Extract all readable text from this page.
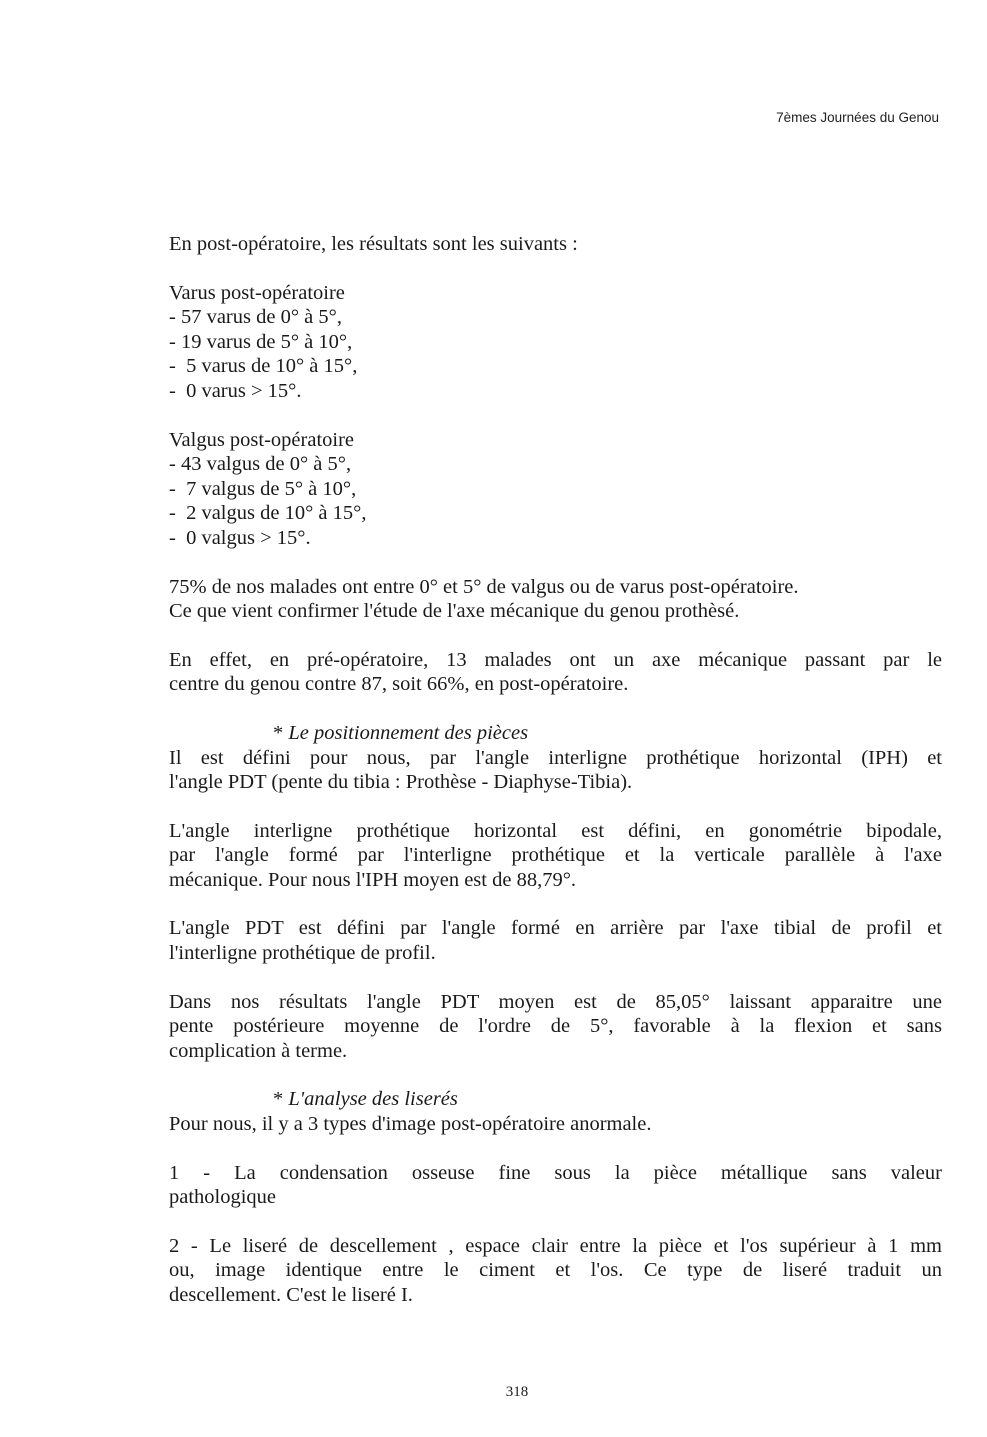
7èmes Journées du Genou
En post-opératoire, les résultats sont les suivants :
Varus post-opératoire
- 57 varus de 0° à 5°,
- 19 varus de 5° à 10°,
-  5 varus de 10° à 15°,
-  0 varus > 15°.
Valgus post-opératoire
- 43 valgus de 0° à 5°,
-  7 valgus de 5° à 10°,
-  2 valgus de 10° à 15°,
-  0 valgus > 15°.
75% de nos malades ont entre 0° et 5° de valgus ou de varus post-opératoire.
Ce que vient confirmer l'étude de l'axe mécanique du genou prothèsé.
En effet, en pré-opératoire, 13 malades ont un axe mécanique passant par le
centre du genou contre 87, soit 66%, en post-opératoire.
* Le positionnement des pièces
Il est défini pour nous, par l'angle interligne prothétique horizontal (IPH) et
l'angle PDT (pente du tibia : Prothèse - Diaphyse-Tibia).
L'angle interligne prothétique horizontal est défini, en gonométrie bipodale,
par l'angle formé par l'interligne prothétique et la verticale parallèle à l'axe
mécanique. Pour nous l'IPH moyen est de 88,79°.
L'angle PDT est défini par l'angle formé en arrière par l'axe tibial de profil et
l'interligne prothétique de profil.
Dans nos résultats l'angle PDT moyen est de 85,05° laissant apparaitre une
pente postérieure moyenne de l'ordre de 5°, favorable à la flexion et sans
complication à terme.
* L'analyse des liserés
Pour nous, il y a 3 types d'image post-opératoire anormale.
1 - La condensation osseuse fine sous la pièce métallique sans valeur
pathologique
2 - Le liseré de descellement , espace clair entre la pièce et l'os supérieur à 1 mm
ou, image identique entre le ciment et l'os. Ce type de liseré traduit un
descellement. C'est le liseré I.
318
